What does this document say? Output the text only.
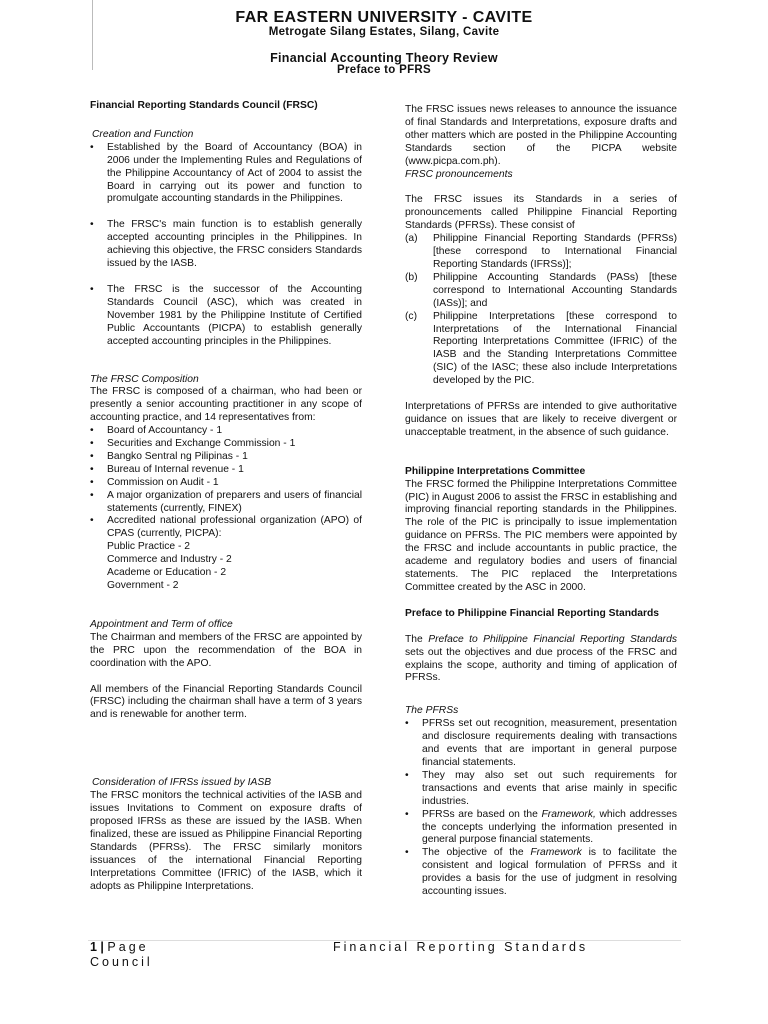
FAR EASTERN UNIVERSITY - CAVITE
Metrogate Silang Estates, Silang, Cavite
Financial Accounting Theory Review
Preface to PFRS

Financial Reporting Standards Council (FRSC)

Creation and Function

• Established by the Board of Accountancy (BOA) in 2006 under the Implementing Rules and Regulations of the Philippine Accountancy of Act of 2004 to assist the Board in carrying out its power and function to promulgate accounting standards in the Philippines.
• The FRSC's main function is to establish generally accepted accounting principles in the Philippines. In achieving this objective, the FRSC considers Standards issued by the IASB.
• The FRSC is the successor of the Accounting Standards Council (ASC), which was created in November 1981 by the Philippine Institute of Certified Public Accountants (PICPA) to establish generally accepted accounting principles in the Philippines.

The FRSC Composition

The FRSC is composed of a chairman, who had been or presently a senior accounting practitioner in any scope of accounting practice, and 14 representatives from:

• Board of Accountancy - 1
• Securities and Exchange Commission - 1
• Bangko Sentral ng Pilipinas - 1
• Bureau of Internal revenue - 1
• Commission on Audit - 1
• A major organization of preparers and users of financial statements (currently, FINEX)
• Accredited national professional organization (APO) of CPAS (currently, PICPA):
Public Practice - 2
Commerce and Industry - 2
Academe or Education - 2
Government - 2

Appointment and Term of office

The Chairman and members of the FRSC are appointed by the PRC upon the recommendation of the BOA in coordination with the APO.

All members of the Financial Reporting Standards Council (FRSC) including the chairman shall have a term of 3 years and is renewable for another term.

Consideration of IFRSs issued by IASB

The FRSC monitors the technical activities of the IASB and issues Invitations to Comment on exposure drafts of proposed IFRSs as these are issued by the IASB. When finalized, these are issued as Philippine Financial Reporting Standards (PFRSs). The FRSC similarly monitors issuances of the international Financial Reporting Interpretations Committee (IFRIC) of the IASB, which it adopts as Philippine Interpretations.

The FRSC issues news releases to announce the issuance of final Standards and Interpretations, exposure drafts and other matters which are posted in the Philippine Accounting Standards section of the PICPA website (www.picpa.com.ph).

FRSC pronouncements

The FRSC issues its Standards in a series of pronouncements called Philippine Financial Reporting Standards (PFRSs). These consist of

(a) Philippine Financial Reporting Standards (PFRSs) [these correspond to International Financial Reporting Standards (IFRSs)];
(b) Philippine Accounting Standards (PASs) [these correspond to International Accounting Standards (IASs)]; and
(c) Philippine Interpretations [these correspond to Interpretations of the International Financial Reporting Interpretations Committee (IFRIC) of the IASB and the Standing Interpretations Committee (SIC) of the IASC; these also include Interpretations developed by the PIC.

Interpretations of PFRSs are intended to give authoritative guidance on issues that are likely to receive divergent or unacceptable treatment, in the absence of such guidance.

Philippine Interpretations Committee

The FRSC formed the Philippine Interpretations Committee (PIC) in August 2006 to assist the FRSC in establishing and improving financial reporting standards in the Philippines. The role of the PIC is principally to issue implementation guidance on PFRSs. The PIC members were appointed by the FRSC and include accountants in public practice, the academe and regulatory bodies and users of financial statements. The PIC replaced the Interpretations Committee created by the ASC in 2000.

Preface to Philippine Financial Reporting Standards

The Preface to Philippine Financial Reporting Standards sets out the objectives and due process of the FRSC and explains the scope, authority and timing of application of PFRSs.

The PFRSs

• PFRSs set out recognition, measurement, presentation and disclosure requirements dealing with transactions and events that are important in general purpose financial statements.
• They may also set out such requirements for transactions and events that arise mainly in specific industries.
• PFRSs are based on the Framework, which addresses the concepts underlying the information presented in general purpose financial statements.
• The objective of the Framework is to facilitate the consistent and logical formulation of PFRSs and it provides a basis for the use of judgment in resolving accounting issues.
1 | Page	Financial Reporting Standards
Council
